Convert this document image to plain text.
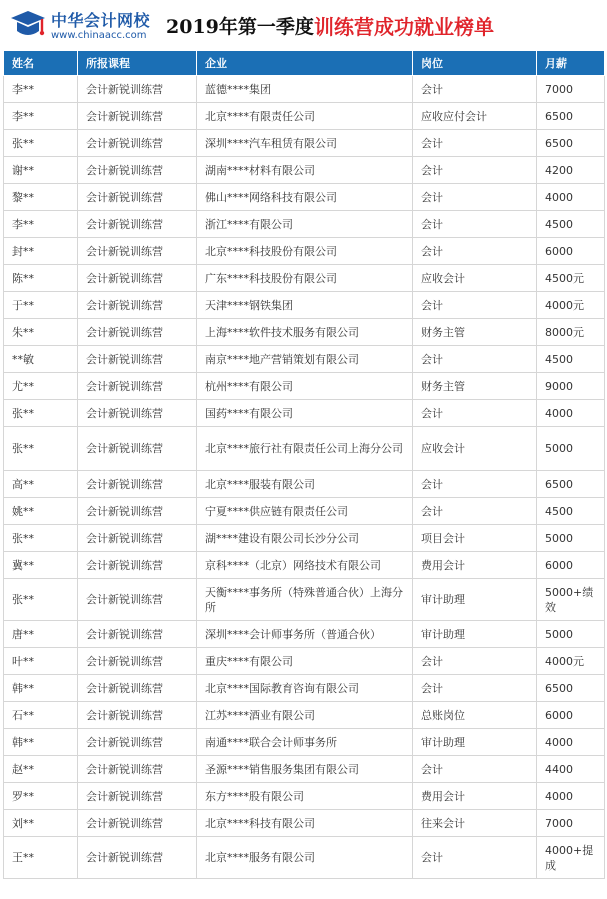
中华会计网校
www.chinaacc.com 2019年第一季度 训练营成功就业榜单
姓名	所报课程	企业	岗位	月薪
李**	会计新锐训练营	蓝德****集团	会计	7000
李**	会计新锐训练营	北京****有限责任公司	应收应付会计	6500
张**	会计新锐训练营	深圳****汽车租赁有限公司	会计	6500
谢**	会计新锐训练营	湖南****材料有限公司	会计	4200
黎**	会计新锐训练营	佛山****网络科技有限公司	会计	4000
李**	会计新锐训练营	浙江****有限公司	会计	4500
封**	会计新锐训练营	北京****科技股份有限公司	会计	6000
陈**	会计新锐训练营	广东****科技股份有限公司	应收会计	4500元
于**	会计新锐训练营	天津****钢铁集团	会计	4000元
朱**	会计新锐训练营	上海****软件技术服务有限公司	财务主管	8000元
**敏	会计新锐训练营	南京****地产营销策划有限公司	会计	4500
尤**	会计新锐训练营	杭州****有限公司	财务主管	9000
张**	会计新锐训练营	国药****有限公司	会计	4000
张**	会计新锐训练营	北京****旅行社有限责任公司上海分公司	应收会计	5000
高**	会计新锐训练营	北京****服装有限公司	会计	6500
姚**	会计新锐训练营	宁夏****供应链有限责任公司	会计	4500
张**	会计新锐训练营	湖****建设有限公司长沙分公司	项目会计	5000
冀**	会计新锐训练营	京科****（北京）网络技术有限公司	费用会计	6000
张**	会计新锐训练营	天衡****事务所（特殊普通合伙）上海分所	审计助理	5000+绩效
唐**	会计新锐训练营	深圳****会计师事务所（普通合伙）	审计助理	5000
叶**	会计新锐训练营	重庆****有限公司	会计	4000元
韩**	会计新锐训练营	北京****国际教育咨询有限公司	会计	6500
石**	会计新锐训练营	江苏****酒业有限公司	总账岗位	6000
韩**	会计新锐训练营	南通****联合会计师事务所	审计助理	4000
赵**	会计新锐训练营	圣源****销售服务集团有限公司	会计	4400
罗**	会计新锐训练营	东方****股有限公司	费用会计	4000
刘**	会计新锐训练营	北京****科技有限公司	往来会计	7000
王**	会计新锐训练营	北京****服务有限公司	会计	4000+提成
